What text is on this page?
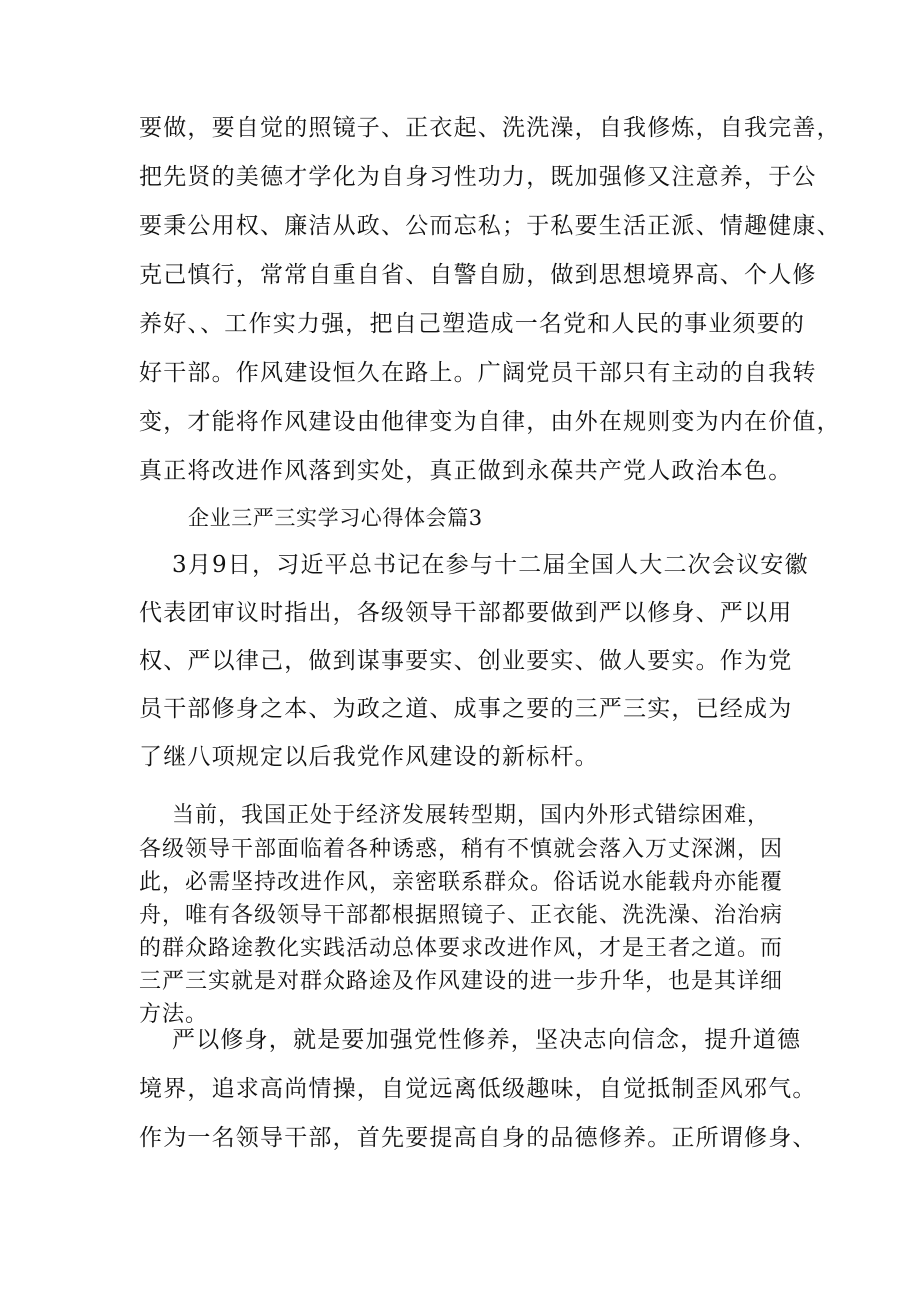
要做，要自觉的照镜子、正衣起、洗洗澡，自我修炼，自我完善，
把先贤的美德才学化为自身习性功力，既加强修又注意养，于公
要秉公用权、廉洁从政、公而忘私；于私要生活正派、情趣健康、
克己慎行，常常自重自省、自警自励，做到思想境界高、个人修
养好、、工作实力强，把自己塑造成一名党和人民的事业须要的
好干部。作风建设恒久在路上。广阔党员干部只有主动的自我转
变，才能将作风建设由他律变为自律，由外在规则变为内在价值，
真正将改进作风落到实处，真正做到永葆共产党人政治本色。
企业三严三实学习心得体会篇3
3月9日，习近平总书记在参与十二届全国人大二次会议安徽
代表团审议时指出，各级领导干部都要做到严以修身、严以用
权、严以律己，做到谋事要实、创业要实、做人要实。作为党
员干部修身之本、为政之道、成事之要的三严三实，已经成为
了继八项规定以后我党作风建设的新标杆。
当前，我国正处于经济发展转型期，国内外形式错综困难，
各级领导干部面临着各种诱惑，稍有不慎就会落入万丈深渊，因
此，必需坚持改进作风，亲密联系群众。俗话说水能载舟亦能覆
舟，唯有各级领导干部都根据照镜子、正衣能、洗洗澡、治治病
的群众路途教化实践活动总体要求改进作风，才是王者之道。而
三严三实就是对群众路途及作风建设的进一步升华，也是其详细
方法。
严以修身，就是要加强党性修养，坚决志向信念，提升道德
境界，追求高尚情操，自觉远离低级趣味，自觉抵制歪风邪气。
作为一名领导干部，首先要提高自身的品德修养。正所谓修身、
